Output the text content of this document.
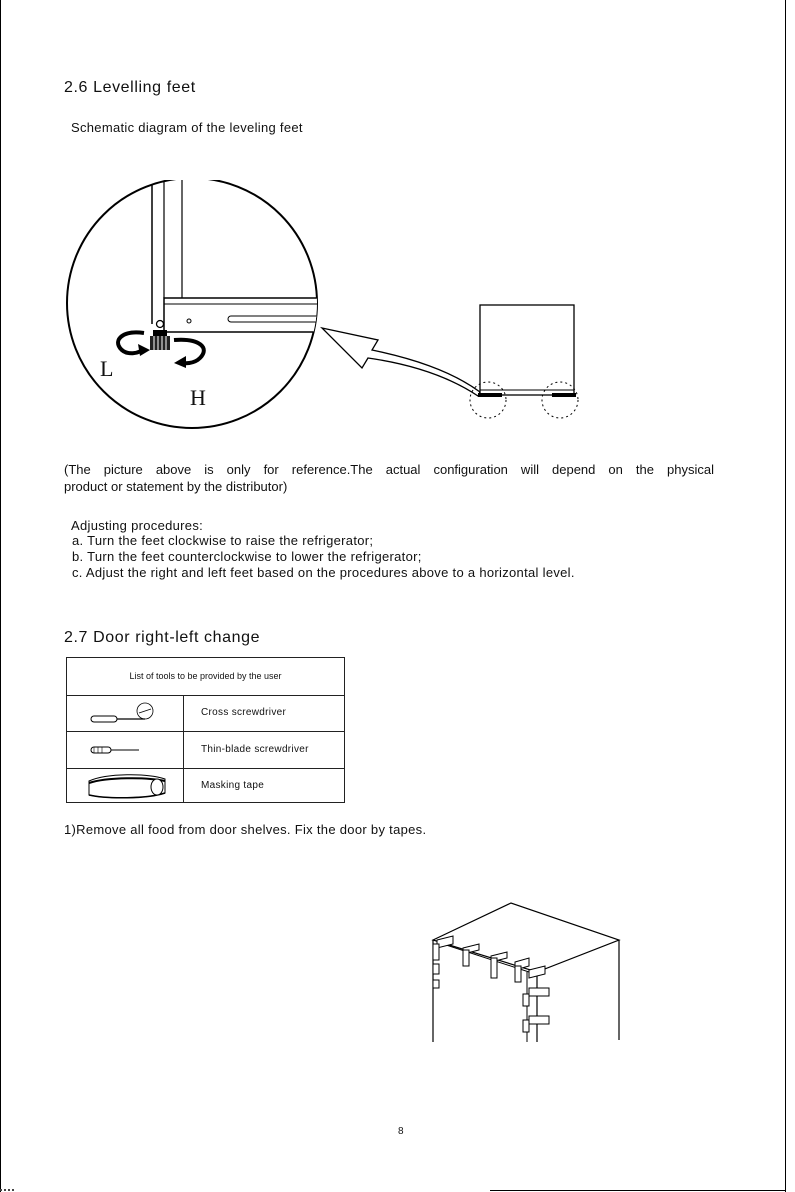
2.6 Levelling feet
Schematic diagram of the leveling feet
L
H
(The picture above is only for reference.The actual configuration will depend on the physical
product or statement by the distributor)
Adjusting procedures:
a. Turn the feet clockwise to raise the refrigerator;
b. Turn the feet counterclockwise to lower the refrigerator;
c. Adjust the right and left feet based on the procedures above to a horizontal level.
2.7 Door right-left change
List of tools to be provided by the user
Cross screwdriver
Thin-blade screwdriver
Masking tape
1)Remove all food from door shelves. Fix the door by tapes.
8
